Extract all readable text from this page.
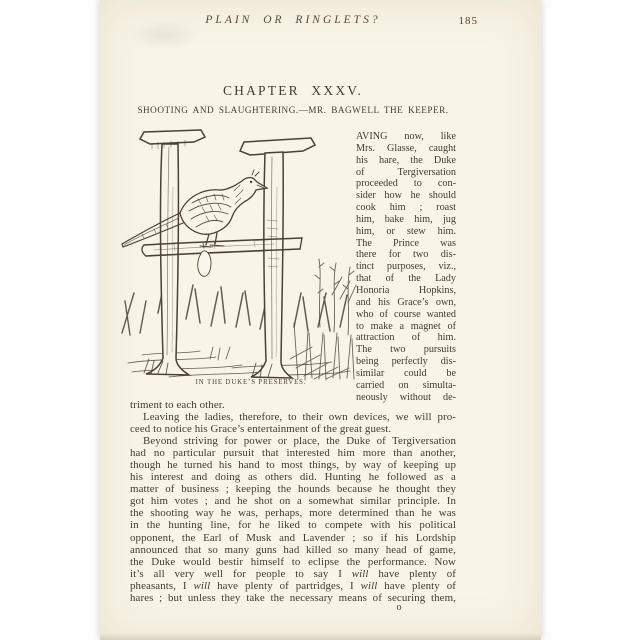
PLAIN OR RINGLETS?	185
CHAPTER XXXV.
SHOOTING AND SLAUGHTERING.—MR. BAGWELL THE KEEPER.
IN THE DUKE’S PRESERVES.
AVING now, like
Mrs. Glasse, caught
his hare, the Duke
of Tergiversation
proceeded to con-
sider how he should
cook him ; roast
him, bake him, jug
him, or stew him.
The Prince was
there for two dis-
tinct purposes, viz.,
that of the Lady
Honoria Hopkins,
and his Grace’s own,
who of course wanted
to make a magnet of
attraction of him.
The two pursuits
being perfectly dis-
similar could be
carried on simulta-
neously without de-
triment to each other.
Leaving the ladies, therefore, to their own devices, we will pro-
ceed to notice his Grace’s entertainment of the great guest.
Beyond striving for power or place, the Duke of Tergiversation
had no particular pursuit that interested him more than another,
though he turned his hand to most things, by way of keeping up
his interest and doing as others did. Hunting he followed as a
matter of business ; keeping the hounds because he thought they
got him votes ; and he shot on a somewhat similar principle. In
the shooting way he was, perhaps, more determined than he was
in the hunting line, for he liked to compete with his political
opponent, the Earl of Musk and Lavender ; so if his Lordship
announced that so many guns had killed so many head of game,
the Duke would bestir himself to eclipse the performance. Now
it’s all very well for people to say I will have plenty of
pheasants, I will have plenty of partridges, I will have plenty of
hares ; but unless they take the necessary means of securing them,
o
